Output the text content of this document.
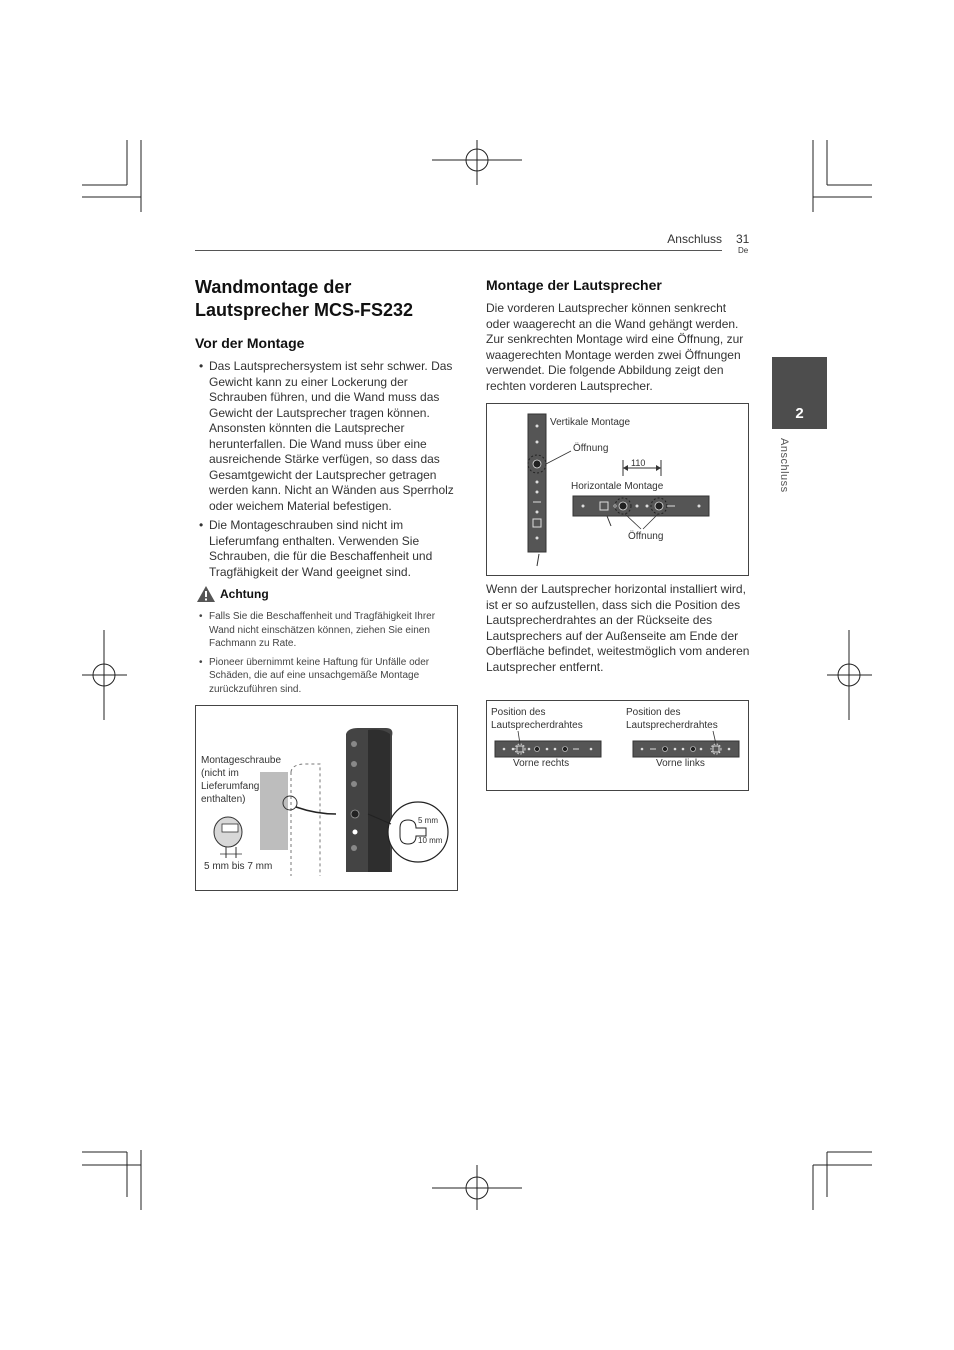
Anschluss 31
De
2
Anschluss
Wandmontage der
Lautsprecher MCS-FS232
Vor der Montage
• Das Lautsprechersystem ist sehr schwer. Das Gewicht kann zu einer Lockerung der Schrauben führen, und die Wand muss das Gewicht der Lautsprecher tragen können. Ansonsten könnten die Lautsprecher herunterfallen. Die Wand muss über eine ausreichende Stärke verfügen, so dass das Gesamtgewicht der Lautsprecher getragen werden kann. Nicht an Wänden aus Sperrholz oder weichem Material befestigen.
• Die Montageschrauben sind nicht im Lieferumfang enthalten. Verwenden Sie Schrauben, die für die Beschaffenheit und Tragfähigkeit der Wand geeignet sind.
Achtung
• Falls Sie die Beschaffenheit und Tragfähigkeit Ihrer Wand nicht einschätzen können, ziehen Sie einen Fachmann zu Rate.
• Pioneer übernimmt keine Haftung für Unfälle oder Schäden, die auf eine unsachgemäße Montage zurückzuführen sind.
Montageschraube
(nicht im
Lieferumfang
enthalten)
5 mm bis 7 mm
5 mm
10 mm
Montage der Lautsprecher

Die vorderen Lautsprecher können senkrecht oder waagerecht an die Wand gehängt werden. Zur senkrechten Montage wird eine Öffnung, zur waagerechten Montage werden zwei Öffnungen verwendet. Die folgende Abbildung zeigt den rechten vorderen Lautsprecher.

Vertikale Montage
Öffnung
110
Horizontale Montage
Öffnung

Wenn der Lautsprecher horizontal installiert wird, ist er so aufzustellen, dass sich die Position des Lautsprecherdrahtes an der Rückseite des Lautsprechers auf der Außenseite am Ende der Oberfläche befindet, weitestmöglich vom anderen Lautsprecher entfernt.

Position des
Lautsprecherdrahtes
Vorne rechts
Position des
Lautsprecherdrahtes
Vorne links
